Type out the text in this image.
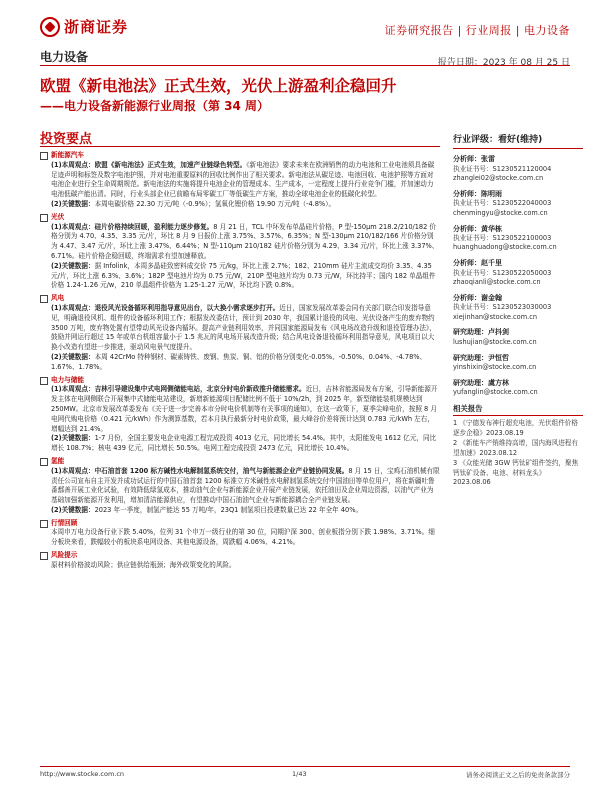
浙商证券	证券研究报告 | 行业周报 | 电力设备
电力设备	报告日期：2023 年 08 月 25 日
欧盟《新电池法》正式生效，光伏上游盈利企稳回升
——电力设备新能源行业周报（第 34 周）
投资要点
新能源汽车
(1)本周观点：欧盟《新电池法》正式生效，加速产业链绿色转型。《新电池法》要求未来在欧洲销售的动力电池和工业电池须具备碳足迹声明和标签及数字电池护照，并对电池重要原料的回收比例作出了相关要求。新电池法从碳足迹、电池回收、电池护照等方面对电池企业进行全生命周期规范。新电池法的实施将提升电池企业的管理成本、生产成本，一定程度上提升行业竞争门槛，并加速动力电池低碳产能出清。同时，行业头部企业已前瞻布局零碳工厂等低碳生产方案，推动全球电池企业的低碳化转型。
(2)关键数据：本周电碳价格 22.30 万元/吨（-0.9%）；氢氧化锂价格 19.90 万元/吨（-4.8%）。
光伏
(1)本周观点：硅片价格持续回暖，盈利能力逐步修复。8 月 21 日，TCL 中环发布单晶硅片价格，P 型-150μm 218.2/210/182 价格分别为 4.70、4.35、3.35 元/片，环比 8 月 9 日报价上涨 3.75%、3.57%、6.35%；N 型-130μm 210/182/166 片价格分别为 4.47、3.47 元/片，环比上涨 3.47%、6.44%；N 型-110μm 210/182 硅片价格分别为 4.29、3.34 元/片，环比上涨 3.37%、6.71%。硅片价格企稳回暖，终端需求有望加速释放。
(2)关键数据：据 Infolink，本周多晶硅致密料成交价 75 元/kg，环比上涨 2.7%；182、210mm 硅片主流成交均价 3.35、4.35 元/片，环比上涨 6.3%、3.6%；182P 型电池片均为 0.75 元/W，210P 型电池片均为 0.73 元/W，环比持平；国内 182 单晶组件价格 1.24-1.26 元/w，210 单晶组件价格为 1.25-1.27 元/W，环比均下跌 0.8%。
风电
(1)本周观点：退役风光设备循环利用指导意见出台，以大换小需求逐步打开。近日，国家发展改革委会同有关部门联合印发指导意见，明确退役风机、组件的设备循环利用工作；根据发改委估计，预计到 2030 年，我国累计退役的风电、光伏设备产生的废弃物约 3500 万吨，废弃物处置有望带动风光设备内循环。提高产业链利用效率，并同国家能源局发布《风电场改造升级和退役管理办法》，鼓励并网运行超过 15 年或单台机组容量小于 1.5 兆瓦的风电场开展改造升级；结合风电设备退役循环利用指导意见，风电项目以大换小改造有望进一步推进，驱动风电景气度提升。
(2)关键数据：本周 42CrMo 特种钢材、碳素铸铁、废钢、焦炭、铜、铝的价格分别变化-0.05%、-0.50%、0.04%、-4.78%、1.67%、1.78%。
电力与储能
(1)本周观点：吉林引导建设集中式电网侧储能电站，北京分时电价新政推升储能需求。近日，吉林省能源局发布方案，引导新能源开发主体在电网侧联合开展集中式储能电站建设，新增新能源项目配储比例不低于 10%/2h，到 2025 年，新型储能装机规模达到 250MW。北京市发展改革委发布《关于进一步完善本市分时电价机制等有关事项的通知》，在这一政策下，夏季尖峰电价，按照 8 月电网代购电价格（0.421 元/kWh）作为测算基数，若本月执行最新分时电价政策，最大峰谷价差将预计达到 0.783 元/kWh 左右，增幅达到 21.4%。
(2)关键数据：1-7 月份，全国主要发电企业电源工程完成投资 4013 亿元，同比增长 54.4%。其中，太阳能发电 1612 亿元，同比增长 108.7%；核电 439 亿元，同比增长 50.5%。电网工程完成投资 2473 亿元，同比增长 10.4%。
氢能
(1)本周观点：中石油首套 1200 标方碱性水电解制氢系统交付，油气与新能源企业产业链协同发展。8 月 15 日，宝鸡石油机械有限责任公司宣布自主开发并成功试运行的中国石油首套 1200 标准立方米碱性水电解制氢系统交付中国油田等单位用户，将在新疆吐鲁番鄯善开展工业化试验，有效降低绿氢成本，推动油气企业与新能源企业开展产业链发展，依托油田及企业周边资源，以油气产业为基础加强新能源开发利用，增加清洁能源供应，有望推动中国石油油气企业与新能源耦合全产业链发展。
(2)关键数据：2023 年一季度，制氢产能达 55 万吨/年，23Q1 制氢项目投建数量已达 22 年全年 40%。
行情回顾
本周申万电力设备行业下跌 5.40%，位列 31 个申万一级行业的第 30 位，同期沪深 300、创业板指分别下跌 1.98%、3.71%。细分板块来看，跌幅较小的板块系电网设备、其他电源设备，周跌幅 4.06%、4.21%。
风险提示
原材料价格波动风险；供应链供给瓶颈；海外政策变化的风险。
行业评级：看好(维持)
分析师：张雷
执业证书号：S1230521120004
zhanglei02@stocke.com.cn
分析师：陈明雨
执业证书号：S1230522040003
chenmingyu@stocke.com.cn
分析师：黄华栋
执业证书号：S1230522100003
huanghuadong@stocke.com.cn
分析师：赵千里
执业证书号：S1230522050003
zhaoqianli@stocke.com.cn
分析师：谢金翰
执业证书号：S1230523030003
xiejinhan@stocke.com.cn
研究助理：卢抖剑
lushujian@stocke.com.cn
研究助理：尹恒哲
yinshixin@stocke.com.cn
研究助理：虞方林
yufanglin@stocke.com.cn
相关报告
1 《宁德发布神行超充电池，光伏组件价格逐步企稳》2023.08.19
2 《新能车产销维持高增，国内海风进程有望加速》2023.08.12
3 《众能光储 3GW 钙钛矿组件签约，聚焦钙钛矿设备、电池、材料龙头》2023.08.06
http://www.stocke.com.cn	1/43	请务必阅读正文之后的免责条款部分
